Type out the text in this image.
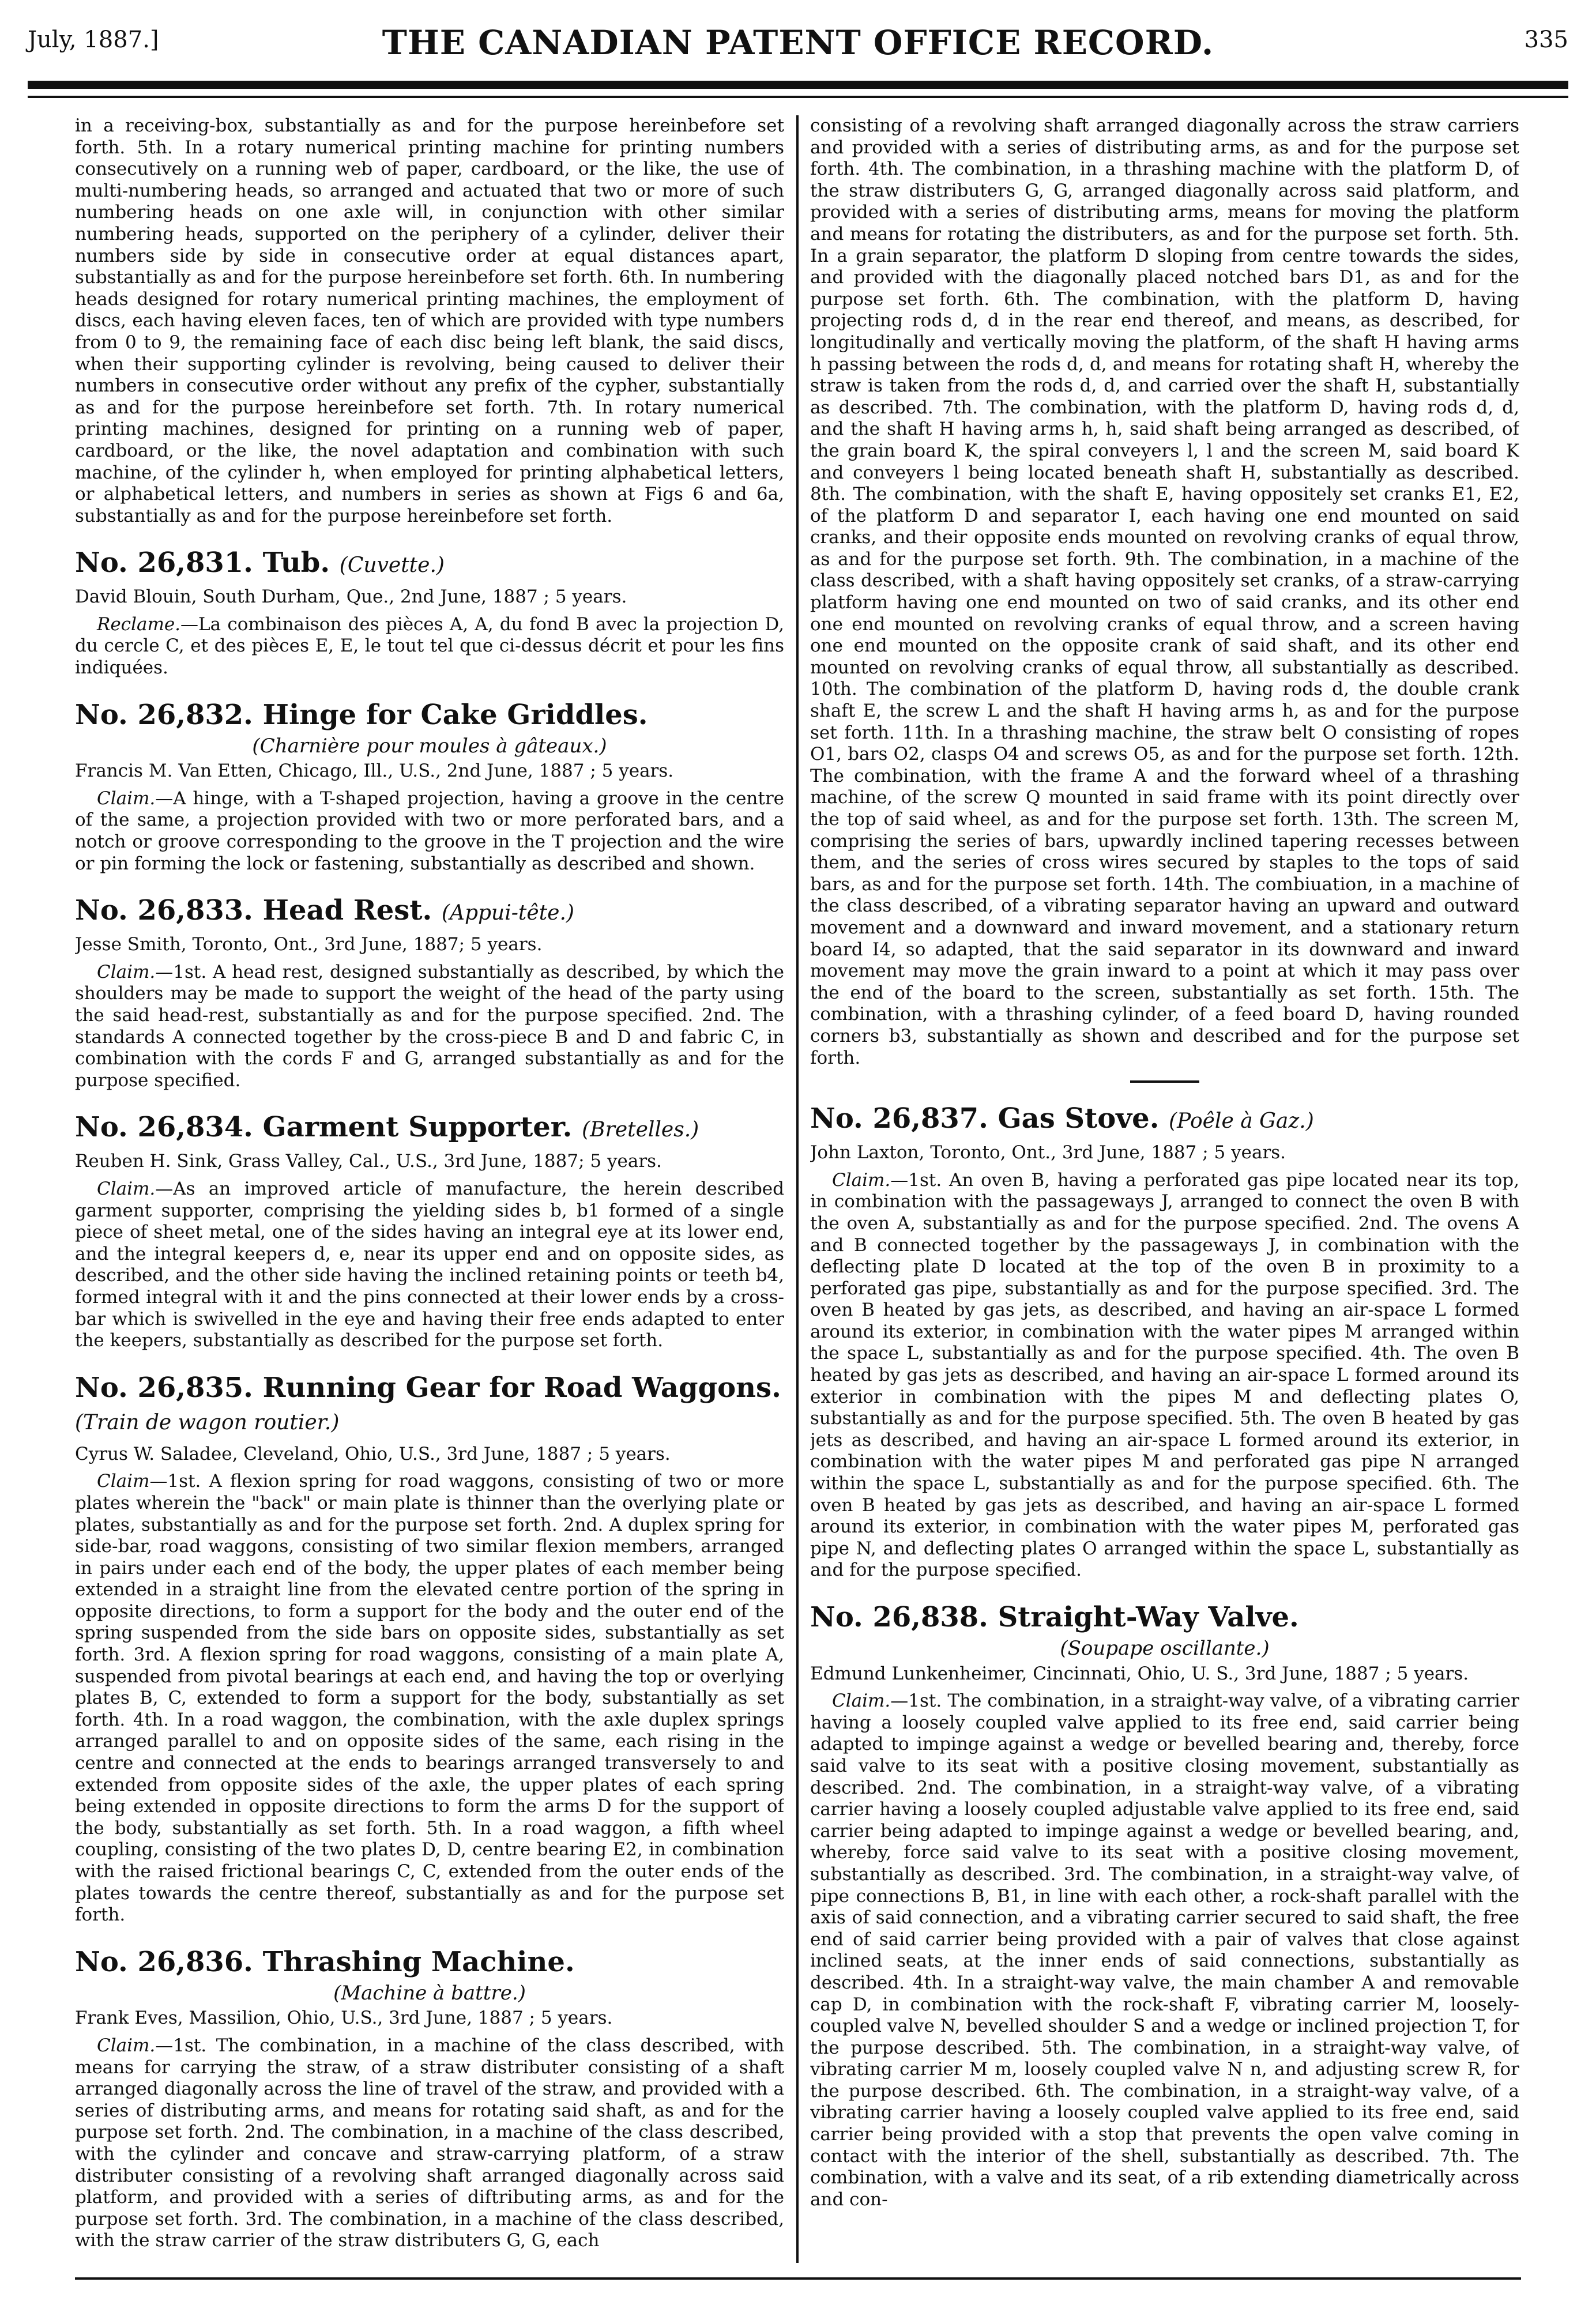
July, 1887.]	THE CANADIAN PATENT OFFICE RECORD.	335

in a receiving-box, substantially as and for the purpose hereinbefore set forth. 5th. In a rotary numerical printing machine for printing numbers consecutively on a running web of paper, cardboard, or the like, the use of multi-numbering heads, so arranged and actuated that two or more of such numbering heads on one axle will, in conjunction with other similar numbering heads, supported on the periphery of a cylinder, deliver their numbers side by side in consecutive order at equal distances apart, substantially as and for the purpose hereinbefore set forth. 6th. In numbering heads designed for rotary numerical printing machines, the employment of discs, each having eleven faces, ten of which are provided with type numbers from 0 to 9, the remaining face of each disc being left blank, the said discs, when their supporting cylinder is revolving, being caused to deliver their numbers in consecutive order without any prefix of the cypher, substantially as and for the purpose hereinbefore set forth. 7th. In rotary numerical printing machines, designed for printing on a running web of paper, cardboard, or the like, the novel adaptation and combination with such machine, of the cylinder h, when employed for printing alphabetical letters, or alphabetical letters, and numbers in series as shown at Figs 6 and 6a, substantially as and for the purpose hereinbefore set forth.

No. 26,831. Tub. (Cuvette.)

David Blouin, South Durham, Que., 2nd June, 1887 ; 5 years.

Reclame.—La combinaison des pièces A, A, du fond B avec la projection D, du cercle C, et des pièces E, E, le tout tel que ci-dessus décrit et pour les fins indiquées.

No. 26,832. Hinge for Cake Griddles.
(Charnière pour moules à gâteaux.)

Francis M. Van Etten, Chicago, Ill., U.S., 2nd June, 1887 ; 5 years.

Claim.—A hinge, with a T-shaped projection, having a groove in the centre of the same, a projection provided with two or more perforated bars, and a notch or groove corresponding to the groove in the T projection and the wire or pin forming the lock or fastening, substantially as described and shown.

No. 26,833. Head Rest. (Appui-tête.)

Jesse Smith, Toronto, Ont., 3rd June, 1887; 5 years.

Claim.—1st. A head rest, designed substantially as described, by which the shoulders may be made to support the weight of the head of the party using the said head-rest, substantially as and for the purpose specified. 2nd. The standards A connected together by the cross-piece B and D and fabric C, in combination with the cords F and G, arranged substantially as and for the purpose specified.

No. 26,834. Garment Supporter. (Bretelles.)

Reuben H. Sink, Grass Valley, Cal., U.S., 3rd June, 1887; 5 years.

Claim.—As an improved article of manufacture, the herein described garment supporter, comprising the yielding sides b, b1 formed of a single piece of sheet metal, one of the sides having an integral eye at its lower end, and the integral keepers d, e, near its upper end and on opposite sides, as described, and the other side having the inclined retaining points or teeth b4, formed integral with it and the pins connected at their lower ends by a cross-bar which is swivelled in the eye and having their free ends adapted to enter the keepers, substantially as described for the purpose set forth.

No. 26,835. Running Gear for Road Waggons. (Train de wagon routier.)

Cyrus W. Saladee, Cleveland, Ohio, U.S., 3rd June, 1887 ; 5 years.

Claim—1st. A flexion spring for road waggons, consisting of two or more plates wherein the "back" or main plate is thinner than the overlying plate or plates, substantially as and for the purpose set forth. 2nd. A duplex spring for side-bar, road waggons, consisting of two similar flexion members, arranged in pairs under each end of the body, the upper plates of each member being extended in a straight line from the elevated centre portion of the spring in opposite directions, to form a support for the body and the outer end of the spring suspended from the side bars on opposite sides, substantially as set forth. 3rd. A flexion spring for road waggons, consisting of a main plate A, suspended from pivotal bearings at each end, and having the top or overlying plates B, C, extended to form a support for the body, substantially as set forth. 4th. In a road waggon, the combination, with the axle duplex springs arranged parallel to and on opposite sides of the same, each rising in the centre and connected at the ends to bearings arranged transversely to and extended from opposite sides of the axle, the upper plates of each spring being extended in opposite directions to form the arms D for the support of the body, substantially as set forth. 5th. In a road waggon, a fifth wheel coupling, consisting of the two plates D, D, centre bearing E2, in combination with the raised frictional bearings C, C, extended from the outer ends of the plates towards the centre thereof, substantially as and for the purpose set forth.

No. 26,836. Thrashing Machine.
(Machine à battre.)

Frank Eves, Massilion, Ohio, U.S., 3rd June, 1887 ; 5 years.

Claim.—1st. The combination, in a machine of the class described, with means for carrying the straw, of a straw distributer consisting of a shaft arranged diagonally across the line of travel of the straw, and provided with a series of distributing arms, and means for rotating said shaft, as and for the purpose set forth. 2nd. The combination, in a machine of the class described, with the cylinder and concave and straw-carrying platform, of a straw distributer consisting of a revolving shaft arranged diagonally across said platform, and provided with a series of diftributing arms, as and for the purpose set forth. 3rd. The combination, in a machine of the class described, with the straw carrier of the straw distributers G, G, each

consisting of a revolving shaft arranged diagonally across the straw carriers and provided with a series of distributing arms, as and for the purpose set forth. 4th. The combination, in a thrashing machine with the platform D, of the straw distributers G, G, arranged diagonally across said platform, and provided with a series of distributing arms, means for moving the platform and means for rotating the distributers, as and for the purpose set forth. 5th. In a grain separator, the platform D sloping from centre towards the sides, and provided with the diagonally placed notched bars D1, as and for the purpose set forth. 6th. The combination, with the platform D, having projecting rods d, d in the rear end thereof, and means, as described, for longitudinally and vertically moving the platform, of the shaft H having arms h passing between the rods d, d, and means for rotating shaft H, whereby the straw is taken from the rods d, d, and carried over the shaft H, substantially as described. 7th. The combination, with the platform D, having rods d, d, and the shaft H having arms h, h, said shaft being arranged as described, of the grain board K, the spiral conveyers l, l and the screen M, said board K and conveyers l being located beneath shaft H, substantially as described. 8th. The combination, with the shaft E, having oppositely set cranks E1, E2, of the platform D and separator I, each having one end mounted on said cranks, and their opposite ends mounted on revolving cranks of equal throw, as and for the purpose set forth. 9th. The combination, in a machine of the class described, with a shaft having oppositely set cranks, of a straw-carrying platform having one end mounted on two of said cranks, and its other end one end mounted on revolving cranks of equal throw, and a screen having one end mounted on the opposite crank of said shaft, and its other end mounted on revolving cranks of equal throw, all substantially as described. 10th. The combination of the platform D, having rods d, the double crank shaft E, the screw L and the shaft H having arms h, as and for the purpose set forth. 11th. In a thrashing machine, the straw belt O consisting of ropes O1, bars O2, clasps O4 and screws O5, as and for the purpose set forth. 12th. The combination, with the frame A and the forward wheel of a thrashing machine, of the screw Q mounted in said frame with its point directly over the top of said wheel, as and for the purpose set forth. 13th. The screen M, comprising the series of bars, upwardly inclined tapering recesses between them, and the series of cross wires secured by staples to the tops of said bars, as and for the purpose set forth. 14th. The combiuation, in a machine of the class described, of a vibrating separator having an upward and outward movement and a downward and inward movement, and a stationary return board I4, so adapted, that the said separator in its downward and inward movement may move the grain inward to a point at which it may pass over the end of the board to the screen, substantially as set forth. 15th. The combination, with a thrashing cylinder, of a feed board D, having rounded corners b3, substantially as shown and described and for the purpose set forth.

No. 26,837. Gas Stove. (Poêle à Gaz.)

John Laxton, Toronto, Ont., 3rd June, 1887 ; 5 years.

Claim.—1st. An oven B, having a perforated gas pipe located near its top, in combination with the passageways J, arranged to connect the oven B with the oven A, substantially as and for the purpose specified. 2nd. The ovens A and B connected together by the passageways J, in combination with the deflecting plate D located at the top of the oven B in proximity to a perforated gas pipe, substantially as and for the purpose specified. 3rd. The oven B heated by gas jets, as described, and having an air-space L formed around its exterior, in combination with the water pipes M arranged within the space L, substantially as and for the purpose specified. 4th. The oven B heated by gas jets as described, and having an air-space L formed around its exterior in combination with the pipes M and deflecting plates O, substantially as and for the purpose specified. 5th. The oven B heated by gas jets as described, and having an air-space L formed around its exterior, in combination with the water pipes M and perforated gas pipe N arranged within the space L, substantially as and for the purpose specified. 6th. The oven B heated by gas jets as described, and having an air-space L formed around its exterior, in combination with the water pipes M, perforated gas pipe N, and deflecting plates O arranged within the space L, substantially as and for the purpose specified.

No. 26,838. Straight-Way Valve.
(Soupape oscillante.)

Edmund Lunkenheimer, Cincinnati, Ohio, U. S., 3rd June, 1887 ; 5 years.

Claim.—1st. The combination, in a straight-way valve, of a vibrating carrier having a loosely coupled valve applied to its free end, said carrier being adapted to impinge against a wedge or bevelled bearing and, thereby, force said valve to its seat with a positive closing movement, substantially as described. 2nd. The combination, in a straight-way valve, of a vibrating carrier having a loosely coupled adjustable valve applied to its free end, said carrier being adapted to impinge against a wedge or bevelled bearing, and, whereby, force said valve to its seat with a positive closing movement, substantially as described. 3rd. The combination, in a straight-way valve, of pipe connections B, B1, in line with each other, a rock-shaft parallel with the axis of said connection, and a vibrating carrier secured to said shaft, the free end of said carrier being provided with a pair of valves that close against inclined seats, at the inner ends of said connections, substantially as described. 4th. In a straight-way valve, the main chamber A and removable cap D, in combination with the rock-shaft F, vibrating carrier M, loosely-coupled valve N, bevelled shoulder S and a wedge or inclined projection T, for the purpose described. 5th. The combination, in a straight-way valve, of vibrating carrier M m, loosely coupled valve N n, and adjusting screw R, for the purpose described. 6th. The combination, in a straight-way valve, of a vibrating carrier having a loosely coupled valve applied to its free end, said carrier being provided with a stop that prevents the open valve coming in contact with the interior of the shell, substantially as described. 7th. The combination, with a valve and its seat, of a rib extending diametrically across and con-
